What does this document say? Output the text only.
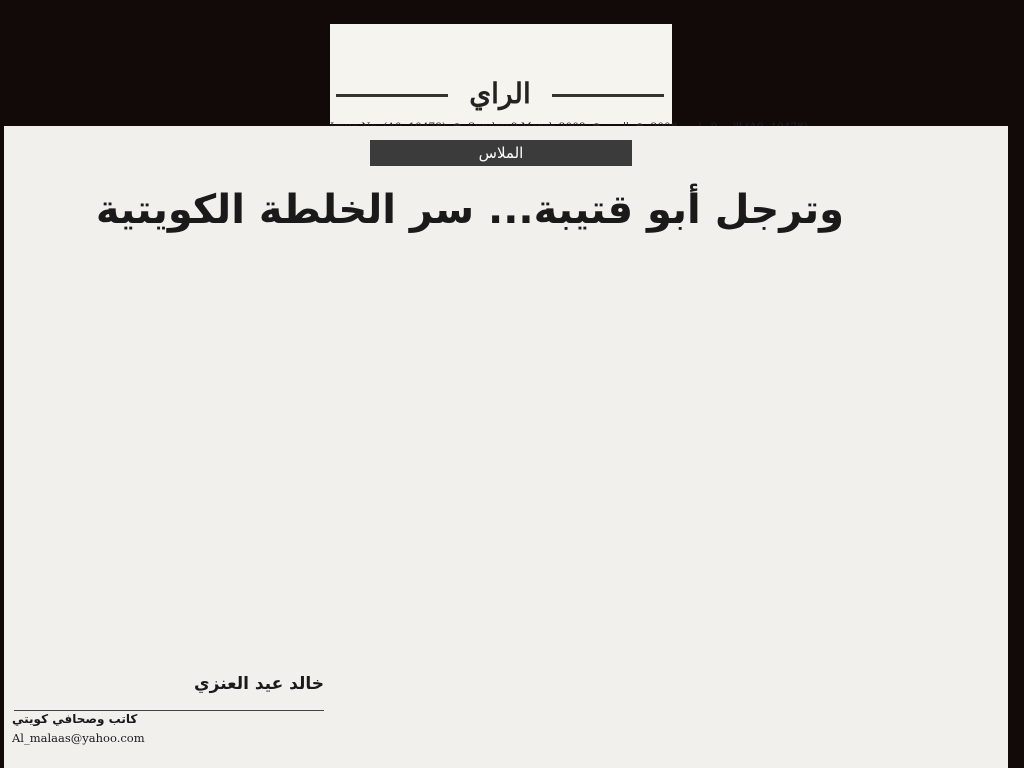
الراي
الملاس
وترجل أبو قتيبة... سر الخلطة الكويتية
خالد عيد العنزي
كاتب وصحافي كويتي
Al_malaas@yahoo.com
